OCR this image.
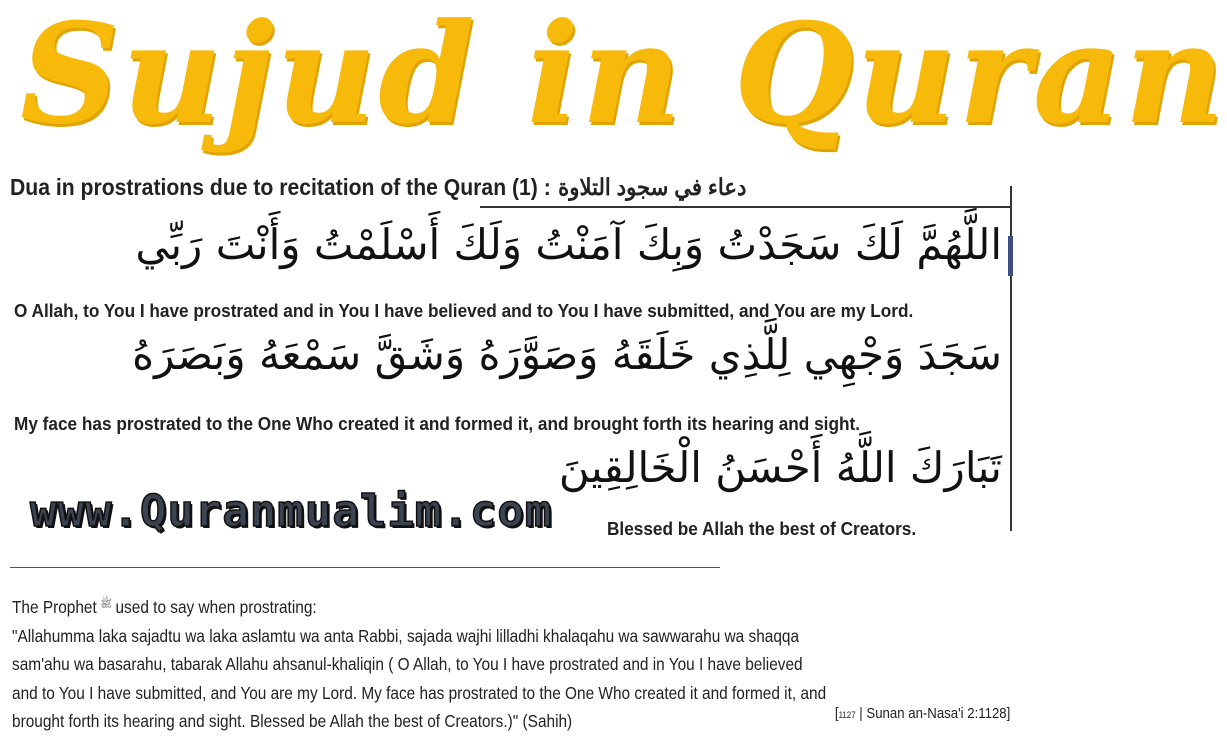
Sujud in Quran
Dua in prostrations due to recitation of the Quran (1) : دعاء في سجود التلاوة
اللَّهُمَّ لَكَ سَجَدْتُ وَبِكَ آمَنْتُ وَلَكَ أَسْلَمْتُ وَأَنْتَ رَبِّي
O Allah, to You I have prostrated and in You I have believed and to You I have submitted, and You are my Lord.
سَجَدَ وَجْهِي لِلَّذِي خَلَقَهُ وَصَوَّرَهُ وَشَقَّ سَمْعَهُ وَبَصَرَهُ
My face has prostrated to the One Who created it and formed it, and brought forth its hearing and sight.
تَبَارَكَ اللَّهُ أَحْسَنُ الْخَالِقِينَ
Blessed be Allah the best of Creators.
www.Quranmualim.com
The Prophet ﷺ used to say when prostrating:
"Allahumma laka sajadtu wa laka aslamtu wa anta Rabbi, sajada wajhi lilladhi khalaqahu wa sawwarahu wa shaqqa
sam'ahu wa basarahu, tabarak Allahu ahsanul-khaliqin ( O Allah, to You I have prostrated and in You I have believed
and to You I have submitted, and You are my Lord. My face has prostrated to the One Who created it and formed it, and
brought forth its hearing and sight. Blessed be Allah the best of Creators.)" (Sahih)	[1127 | Sunan an-Nasa'i 2:1128]
